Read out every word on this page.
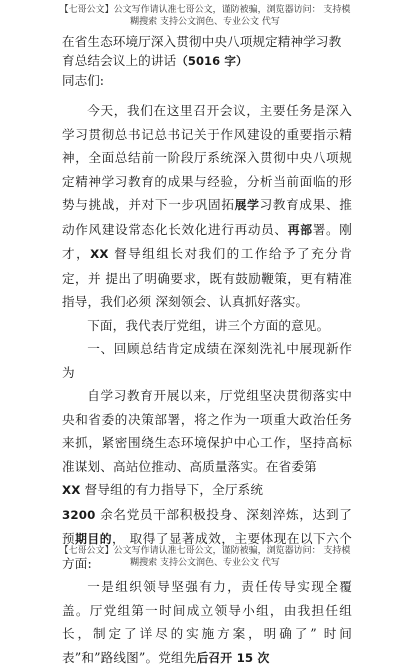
【七哥公文】公文写作请认准七哥公文，谨防被骗，浏览器访问： 支持模
糊搜索 支持公文润色、专业公文 代写
在省生态环境厅深入贯彻中央八项规定精神学习教育总结会议上的讲话（5016 字）

同志们:

今天，我们在这里召开会议，主要任务是深入学习贯彻总书记总书记关于作风建设的重要指示精神，全面总结前一阶段厅系统深入贯彻中央八项规定精神学习教育的成果与经验，分析当前面临的形势与挑战，并对下一步巩固拓展学习教育成果、推动作风建设常态化长效化进行再动员、再部署。刚才，XX 督导组组长对我们的工作给予了充分肯定，并 提出了明确要求，既有鼓励鞭策，更有精准指导，我们必须 深刻领会、认真抓好落实。

下面，我代表厅党组，讲三个方面的意见。

一、回顾总结肯定成绩在深刻洗礼中展现新作为

自学习教育开展以来，厅党组坚决贯彻落实中央和省委的决策部署，将之作为一项重大政治任务来抓，紧密围绕生态环境保护中心工作，坚持高标准谋划、高站位推动、高质量落实。在省委第

XX 督导组的有力指导下，全厅系统
3200 余名党员干部积极投身、深刻淬炼，达到了预期目的， 取得了显著成效，主要体现在以下六个方面:

一是组织领导坚强有力，责任传导实现全覆盖。厅党组第一时间成立领导小组，由我担任组长，制定了详尽的实施方案，明确了” 时间表”和”路线图”。党组先后召开 15 次

【七哥公文】公文写作请认准七哥公文，谨防被骗，浏览器访问： 支持模
糊搜索 支持公文润色、专业公文 代写
